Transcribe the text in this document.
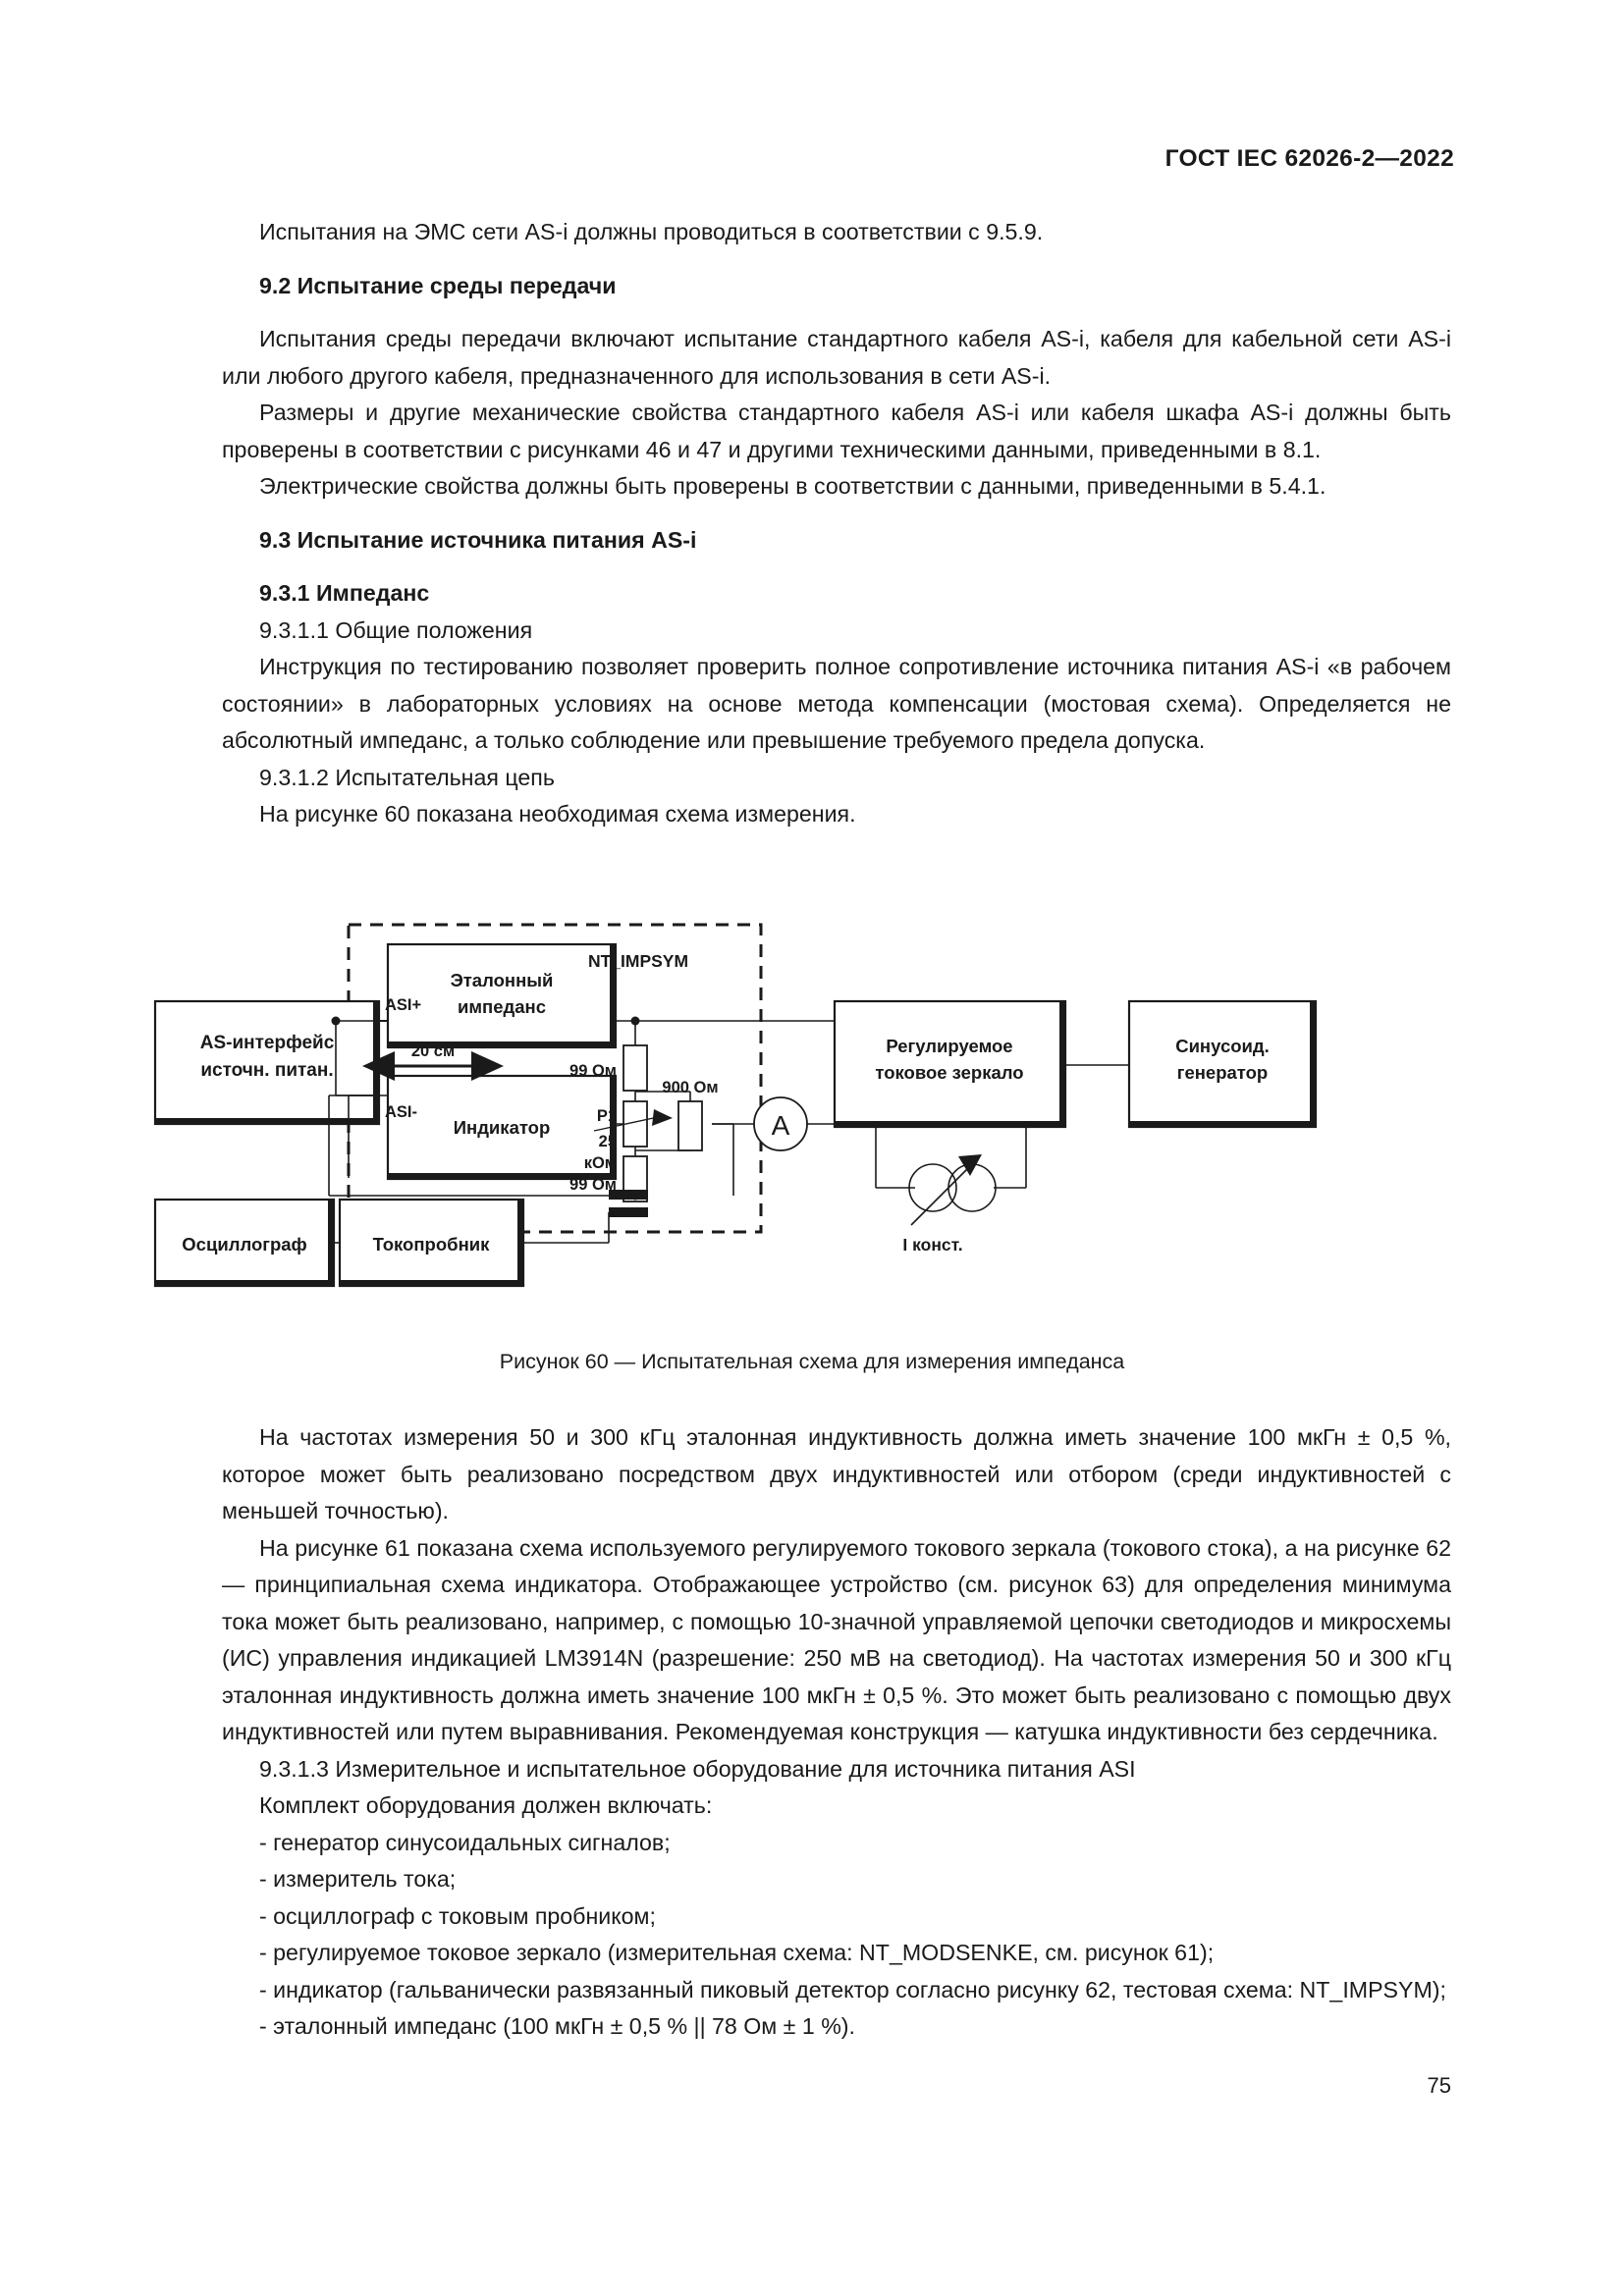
ГОСТ IEC 62026-2—2022

Испытания на ЭМС сети AS-i должны проводиться в соответствии с 9.5.9.

9.2 Испытание среды передачи

Испытания среды передачи включают испытание стандартного кабеля AS-i, кабеля для кабельной сети AS-i или любого другого кабеля, предназначенного для использования в сети AS-i.

Размеры и другие механические свойства стандартного кабеля AS-i или кабеля шкафа AS-i должны быть проверены в соответствии с рисунками 46 и 47 и другими техническими данными, приведенными в 8.1.

Электрические свойства должны быть проверены в соответствии с данными, приведенными в 5.4.1.

9.3 Испытание источника питания AS-i
9.3.1 Импеданс

9.3.1.1 Общие положения

Инструкция по тестированию позволяет проверить полное сопротивление источника питания AS-i «в рабочем состоянии» в лабораторных условиях на основе метода компенсации (мостовая схема). Определяется не абсолютный импеданс, а только соблюдение или превышение требуемого предела допуска.

9.3.1.2 Испытательная цепь

На рисунке 60 показана необходимая схема измерения.

AS-интерфейс
источн. питан.
Эталонный
импеданс
Индикатор
Регулируемое
токовое зеркало
Синусоид.
генератор
Осциллограф	Токопробник
ASI+
ASI-
20 см
NT_IMPSYM
99 Ом
900 Ом
P1
25
кОм
99 Ом
A
I конст.
Рисунок 60 — Испытательная схема для измерения импеданса

На частотах измерения 50 и 300 кГц эталонная индуктивность должна иметь значение 100 мкГн ± 0,5 %, которое может быть реализовано посредством двух индуктивностей или отбором (среди индуктивностей с меньшей точностью).

На рисунке 61 показана схема используемого регулируемого токового зеркала (токового стока), а на рисунке 62 — принципиальная схема индикатора. Отображающее устройство (см. рисунок 63) для определения минимума тока может быть реализовано, например, с помощью 10-значной управляемой цепочки светодиодов и микросхемы (ИС) управления индикацией LM3914N (разрешение: 250 мВ на светодиод). На частотах измерения 50 и 300 кГц эталонная индуктивность должна иметь значение 100 мкГн ± 0,5 %. Это может быть реализовано с помощью двух индуктивностей или путем выравнивания. Рекомендуемая конструкция — катушка индуктивности без сердечника.

9.3.1.3 Измерительное и испытательное оборудование для источника питания ASI

Комплект оборудования должен включать:

- генератор синусоидальных сигналов;

- измеритель тока;

- осциллограф с токовым пробником;

- регулируемое токовое зеркало (измерительная схема: NT_MODSENKE, см. рисунок 61);

- индикатор (гальванически развязанный пиковый детектор согласно рисунку 62, тестовая схема: NT_IMPSYM);

- эталонный импеданс (100 мкГн ± 0,5 % || 78 Ом ± 1 %).

75
